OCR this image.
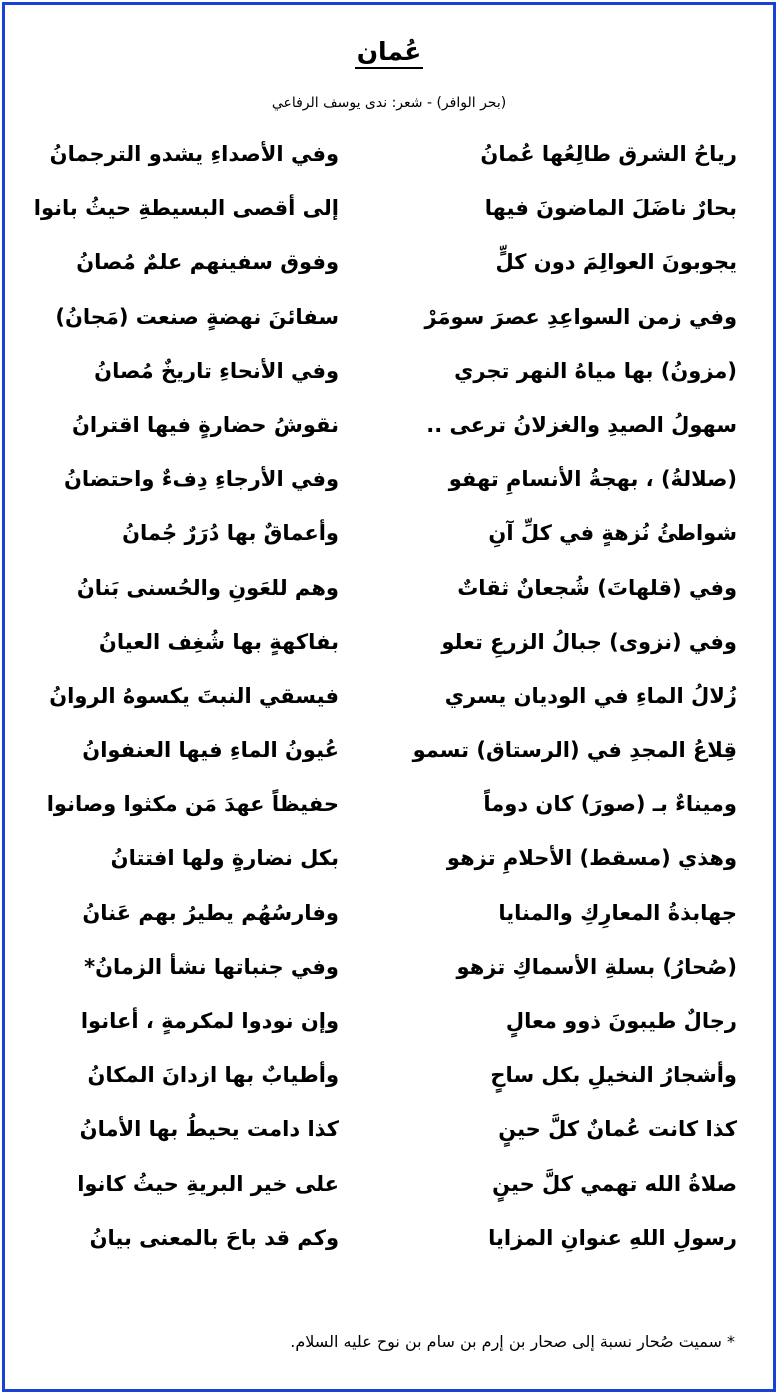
عُمان
(بحر الوافر) - شعر: ندى يوسف الرفاعي
رياحُ الشرق طالِعُها عُمانُ
وفي الأصداءِ يشدو الترجمانُ
بحارٌ ناضَلَ الماضونَ فيها
إلى أقصى البسيطةِ حيثُ بانوا
يجوبونَ العوالِمَ دون كلٍّ
وفوق سفينهم علمٌ مُصانُ
وفي زمن السواعِدِ عصرَ سومَرْ
سفائنَ نهضةٍ صنعت (مَجانُ)
(مزونُ) بها مياهُ النهر تجري
وفي الأنحاءِ تاريخٌ مُصانُ
سهولُ الصيدِ والغزلانُ ترعى ..
نقوشُ حضارةٍ فيها اقترانُ
(صلالةُ) ، بهجةُ الأنسامِ تهفو
وفي الأرجاءِ دِفءٌ واحتضانُ
شواطئُ نُزهةٍ في كلِّ آنِ
وأعماقٌ بها دُرَرٌ جُمانُ
وفي (قلهاتَ) شُجعانٌ ثقاتٌ
وهم للعَونِ والحُسنى بَنانُ
وفي (نزوى) جبالُ الزرعِ تعلو
بفاكهةٍ بها شُغِف العيانُ
زُلالُ الماءِ في الوديان يسري
فيسقي النبتَ يكسوهُ الروانُ
قِلاعُ المجدِ في (الرستاق) تسمو
عُيونُ الماءِ فيها العنفوانُ
وميناءٌ بـ (صورَ) كان دوماً
حفيظاً عهدَ مَن مكثوا وصانوا
وهذي (مسقط) الأحلامِ تزهو
بكل نضارةٍ ولها افتتانُ
جهابذةُ المعارِكِ والمنايا
وفارسُهُم يطيرُ بهم عَنانُ
(صُحارُ) بسلةِ الأسماكِ تزهو
وفي جنباتها نشأ الزمانُ*
رجالٌ طيبونَ ذوو معالٍ
وإن نودوا لمكرمةٍ ، أعانوا
وأشجارُ النخيلِ بكل ساحٍ
وأطيابٌ بها ازدانَ المكانُ
كذا كانت عُمانٌ كلَّ حينٍ
كذا دامت يحيطُ بها الأمانُ
صلاةُ الله تهمي كلَّ حينٍ
على خير البريةِ حيثُ كانوا
رسولِ اللهِ عنوانِ المزايا
وكم قد باحَ بالمعنى بيانُ
* سميت صُحار نسبة إلى صحار بن إرم بن سام بن نوح عليه السلام.
